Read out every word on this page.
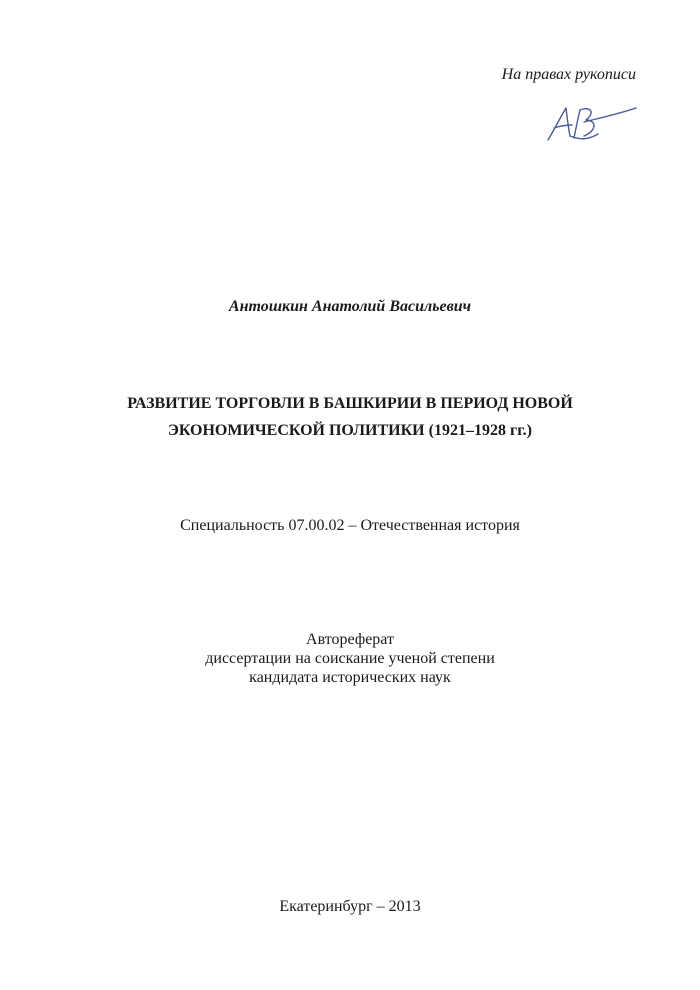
На правах рукописи
Антошкин Анатолий Васильевич
РАЗВИТИЕ ТОРГОВЛИ В БАШКИРИИ В ПЕРИОД НОВОЙ
ЭКОНОМИЧЕСКОЙ ПОЛИТИКИ (1921–1928 гг.)
Специальность 07.00.02 – Отечественная история
Автореферат
диссертации на соискание ученой степени
кандидата исторических наук
Екатеринбург – 2013
